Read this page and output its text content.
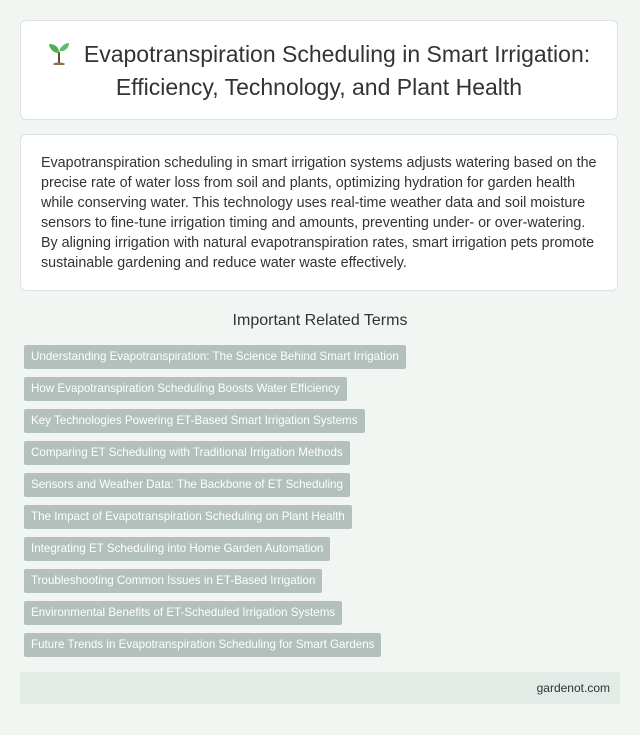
Evapotranspiration Scheduling in Smart Irrigation: Efficiency, Technology, and Plant Health

Evapotranspiration scheduling in smart irrigation systems adjusts watering based on the precise rate of water loss from soil and plants, optimizing hydration for garden health while conserving water. This technology uses real-time weather data and soil moisture sensors to fine-tune irrigation timing and amounts, preventing under- or over-watering. By aligning irrigation with natural evapotranspiration rates, smart irrigation pets promote sustainable gardening and reduce water waste effectively.

Important Related Terms
Understanding Evapotranspiration: The Science Behind Smart Irrigation
How Evapotranspiration Scheduling Boosts Water Efficiency
Key Technologies Powering ET-Based Smart Irrigation Systems
Comparing ET Scheduling with Traditional Irrigation Methods
Sensors and Weather Data: The Backbone of ET Scheduling
The Impact of Evapotranspiration Scheduling on Plant Health
Integrating ET Scheduling into Home Garden Automation
Troubleshooting Common Issues in ET-Based Irrigation
Environmental Benefits of ET-Scheduled Irrigation Systems
Future Trends in Evapotranspiration Scheduling for Smart Gardens
gardenot.com
